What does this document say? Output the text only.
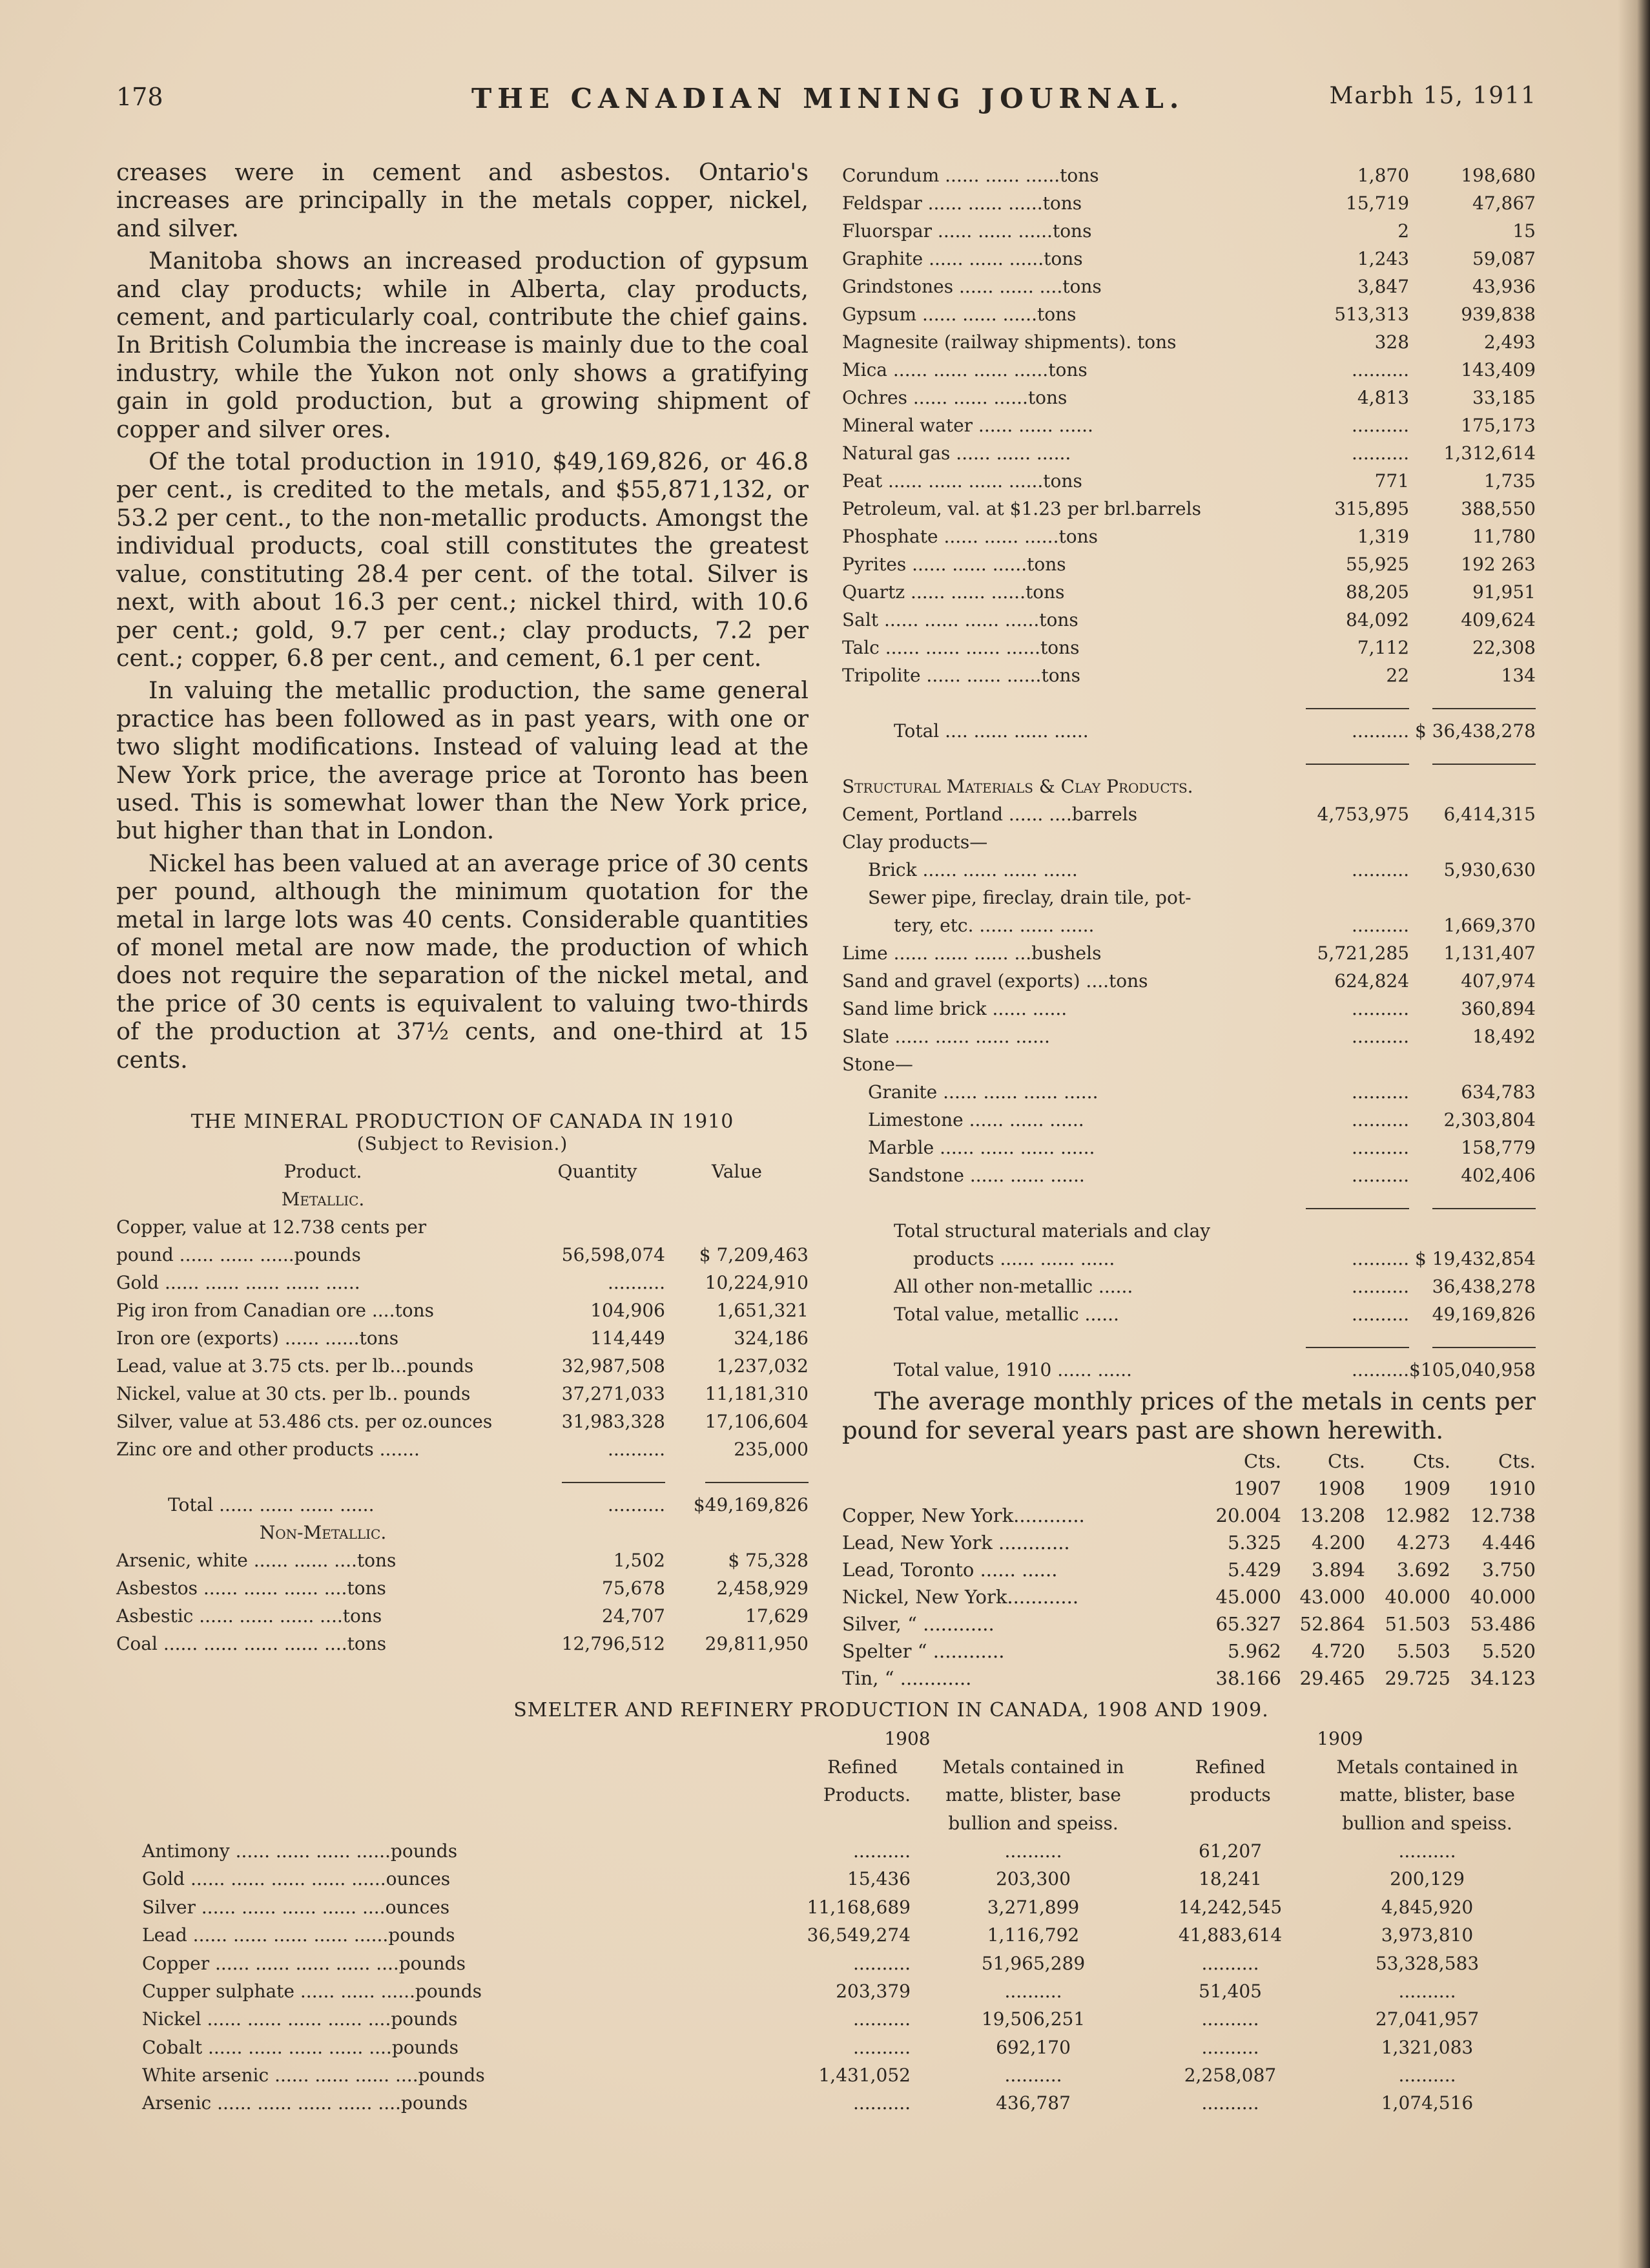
178	THE CANADIAN MINING JOURNAL.	Marbh 15, 1911

creases were in cement and asbestos. Ontario's increases are principally in the metals copper, nickel, and silver.

Manitoba shows an increased production of gypsum and clay products; while in Alberta, clay products, cement, and particularly coal, contribute the chief gains. In British Columbia the increase is mainly due to the coal industry, while the Yukon not only shows a gratifying gain in gold production, but a growing shipment of copper and silver ores.

Of the total production in 1910, $49,169,826, or 46.8 per cent., is credited to the metals, and $55,871,132, or 53.2 per cent., to the non-metallic products. Amongst the individual products, coal still constitutes the greatest value, constituting 28.4 per cent. of the total. Silver is next, with about 16.3 per cent.; nickel third, with 10.6 per cent.; gold, 9.7 per cent.; clay products, 7.2 per cent.; copper, 6.8 per cent., and cement, 6.1 per cent.

In valuing the metallic production, the same general practice has been followed as in past years, with one or two slight modifications. Instead of valuing lead at the New York price, the average price at Toronto has been used. This is somewhat lower than the New York price, but higher than that in London.

Nickel has been valued at an average price of 30 cents per pound, although the minimum quotation for the metal in large lots was 40 cents. Considerable quantities of monel metal are now made, the production of which does not require the separation of the nickel metal, and the price of 30 cents is equivalent to valuing two-thirds of the production at 37½ cents, and one-third at 15 cents.

THE MINERAL PRODUCTION OF CANADA IN 1910
(Subject to Revision.)
Product.	Quantity	Value
Metallic.		
Copper, value at 12.738 cents per		
pound ...... ...... ......pounds	56,598,074	$ 7,209,463
Gold ...... ...... ...... ...... ......	..........	10,224,910
Pig iron from Canadian ore ....tons	104,906	1,651,321
Iron ore (exports) ...... ......tons	114,449	324,186
Lead, value at 3.75 cts. per lb...pounds	32,987,508	1,237,032
Nickel, value at 30 cts. per lb.. pounds	37,271,033	11,181,310
Silver, value at 53.486 cts. per oz.ounces	31,983,328	17,106,604
Zinc ore and other products .......	..........	235,000

Total ...... ...... ...... ......	..........	$49,169,826
Non-Metallic.		
Arsenic, white ...... ...... ....tons	1,502	$ 75,328
Asbestos ...... ...... ...... ....tons	75,678	2,458,929
Asbestic ...... ...... ...... ....tons	24,707	17,629
Coal ...... ...... ...... ...... ....tons	12,796,512	29,811,950
Corundum ...... ...... ......tons	1,870	198,680
Feldspar ...... ...... ......tons	15,719	47,867
Fluorspar ...... ...... ......tons	2	15
Graphite ...... ...... ......tons	1,243	59,087
Grindstones ...... ...... ....tons	3,847	43,936
Gypsum ...... ...... ......tons	513,313	939,838
Magnesite (railway shipments). tons	328	2,493
Mica ...... ...... ...... ......tons	..........	143,409
Ochres ...... ...... ......tons	4,813	33,185
Mineral water ...... ...... ......	..........	175,173
Natural gas ...... ...... ......	..........	1,312,614
Peat ...... ...... ...... ......tons	771	1,735
Petroleum, val. at $1.23 per brl.barrels	315,895	388,550
Phosphate ...... ...... ......tons	1,319	11,780
Pyrites ...... ...... ......tons	55,925	192 263
Quartz ...... ...... ......tons	88,205	91,951
Salt ...... ...... ...... ......tons	84,092	409,624
Talc ...... ...... ...... ......tons	7,112	22,308
Tripolite ...... ...... ......tons	22	134

Total .... ...... ...... ......	..........	$ 36,438,278

Structural Materials & Clay Products.		
Cement, Portland ...... ....barrels	4,753,975	6,414,315
Clay products—		
Brick ...... ...... ...... ......	..........	5,930,630
Sewer pipe, fireclay, drain tile, pot-		
tery, etc. ...... ...... ......	..........	1,669,370
Lime ...... ...... ...... ...bushels	5,721,285	1,131,407
Sand and gravel (exports) ....tons	624,824	407,974
Sand lime brick ...... ......	..........	360,894
Slate ...... ...... ...... ......	..........	18,492
Stone—		
Granite ...... ...... ...... ......	..........	634,783
Limestone ...... ...... ......	..........	2,303,804
Marble ...... ...... ...... ......	..........	158,779
Sandstone ...... ...... ......	..........	402,406

Total structural materials and clay		
products ...... ...... ......	..........	$ 19,432,854
All other non-metallic ......	..........	36,438,278
Total value, metallic ......	..........	49,169,826

Total value, 1910 ...... ......	..........	$105,040,958

The average monthly prices of the metals in cents per pound for several years past are shown herewith.

	Cts.	Cts.	Cts.	Cts.
	1907	1908	1909	1910
Copper, New York............	20.004	13.208	12.982	12.738
Lead, New York ............	5.325	4.200	4.273	4.446
Lead, Toronto ...... ......	5.429	3.894	3.692	3.750
Nickel, New York............	45.000	43.000	40.000	40.000
Silver, “ ............	65.327	52.864	51.503	53.486
Spelter “ ............	5.962	4.720	5.503	5.520
Tin, “ ............	38.166	29.465	29.725	34.123
SMELTER AND REFINERY PRODUCTION IN CANADA, 1908 AND 1909.
	1908		1909	
	Refined	Metals contained in	Refined	Metals contained in
	Products.	matte, blister, base	products	matte, blister, base
		bullion and speiss.		bullion and speiss.
Antimony ...... ...... ...... ......pounds	..........	..........	61,207	..........
Gold ...... ...... ...... ...... ......ounces	15,436	203,300	18,241	200,129
Silver ...... ...... ...... ...... ....ounces	11,168,689	3,271,899	14,242,545	4,845,920
Lead ...... ...... ...... ...... ......pounds	36,549,274	1,116,792	41,883,614	3,973,810
Copper ...... ...... ...... ...... ....pounds	..........	51,965,289	..........	53,328,583
Cupper sulphate ...... ...... ......pounds	203,379	..........	51,405	..........
Nickel ...... ...... ...... ...... ....pounds	..........	19,506,251	..........	27,041,957
Cobalt ...... ...... ...... ...... ....pounds	..........	692,170	..........	1,321,083
White arsenic ...... ...... ...... ....pounds	1,431,052	..........	2,258,087	..........
Arsenic ...... ...... ...... ...... ....pounds	..........	436,787	..........	1,074,516
